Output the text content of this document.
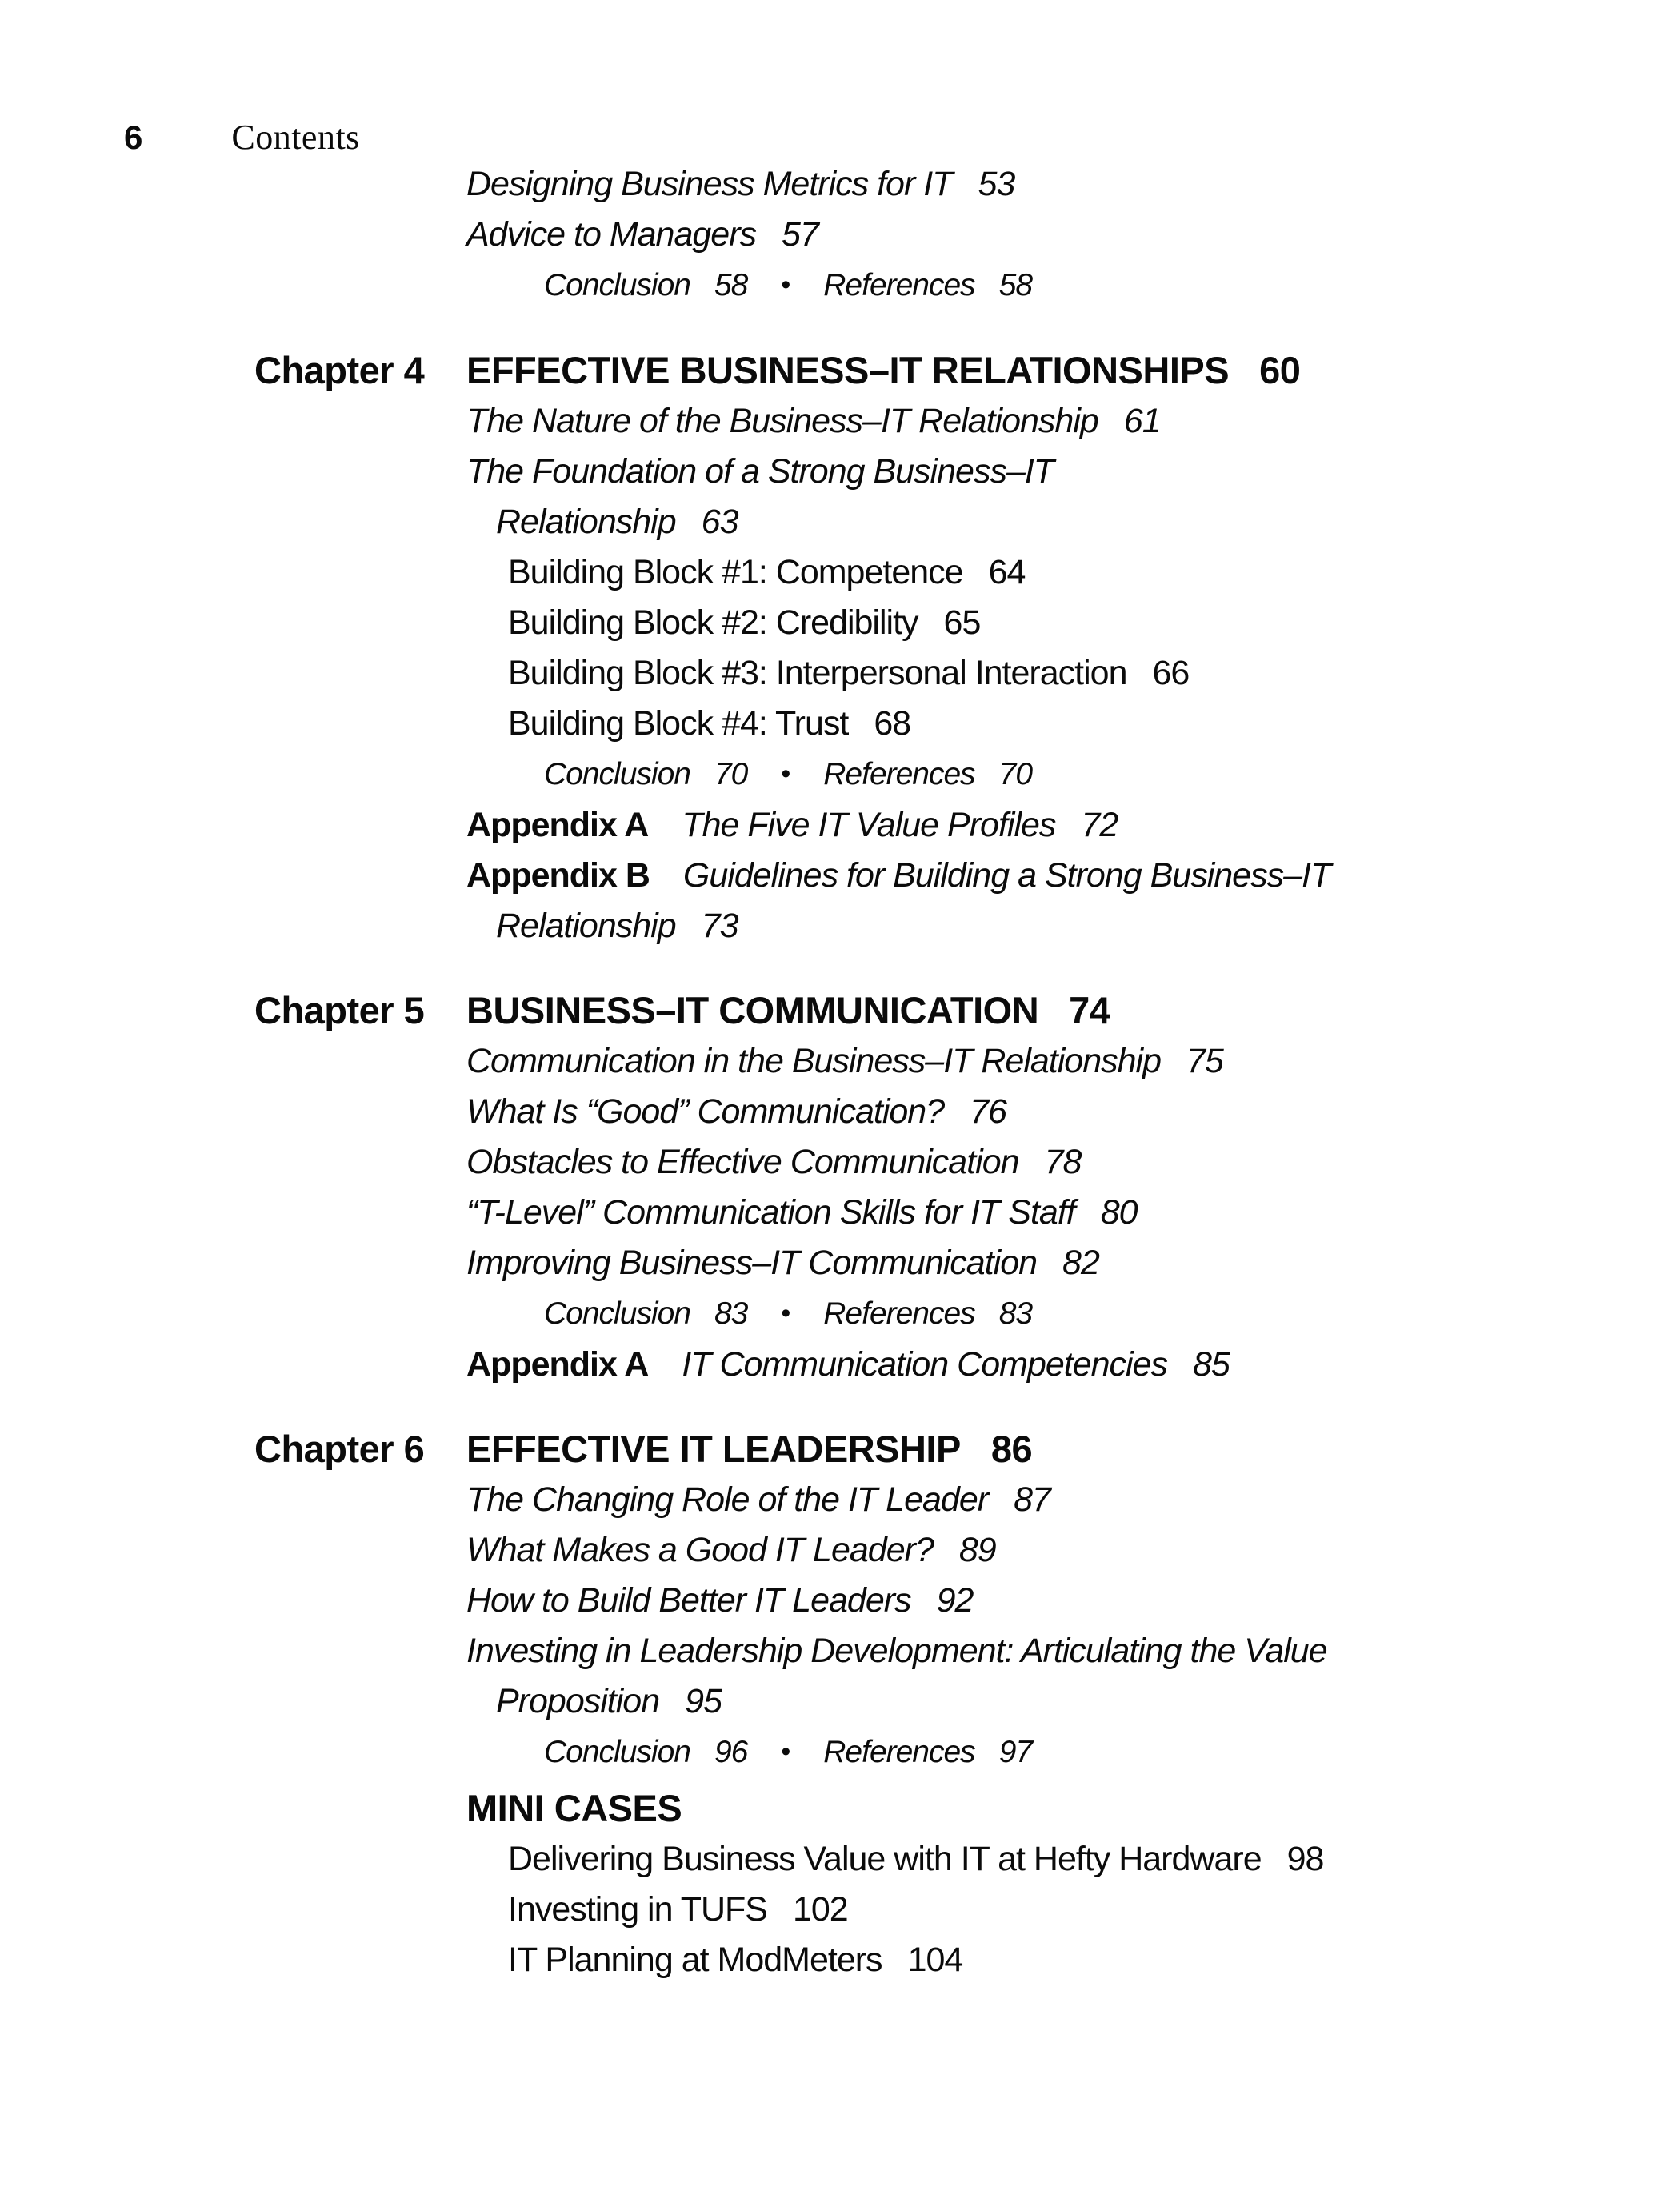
6	Contents
Designing Business Metrics for IT 53
Advice to Managers 57
Conclusion 58 • References 58
Chapter 4	EFFECTIVE BUSINESS–IT RELATIONSHIPS 60
The Nature of the Business–IT Relationship 61
The Foundation of a Strong Business–IT
Relationship 63
Building Block #1: Competence 64
Building Block #2: Credibility 65
Building Block #3: Interpersonal Interaction 66
Building Block #4: Trust 68
Conclusion 70 • References 70
Appendix A The Five IT Value Profiles 72
Appendix B Guidelines for Building a Strong Business–IT
Relationship 73
Chapter 5	BUSINESS–IT COMMUNICATION 74
Communication in the Business–IT Relationship 75
What Is “Good” Communication? 76
Obstacles to Effective Communication 78
“T-Level” Communication Skills for IT Staff 80
Improving Business–IT Communication 82
Conclusion 83 • References 83
Appendix A IT Communication Competencies 85
Chapter 6	EFFECTIVE IT LEADERSHIP 86
The Changing Role of the IT Leader 87
What Makes a Good IT Leader? 89
How to Build Better IT Leaders 92
Investing in Leadership Development: Articulating the Value
Proposition 95
Conclusion 96 • References 97
MINI CASES
Delivering Business Value with IT at Hefty Hardware 98
Investing in TUFS 102
IT Planning at ModMeters 104
